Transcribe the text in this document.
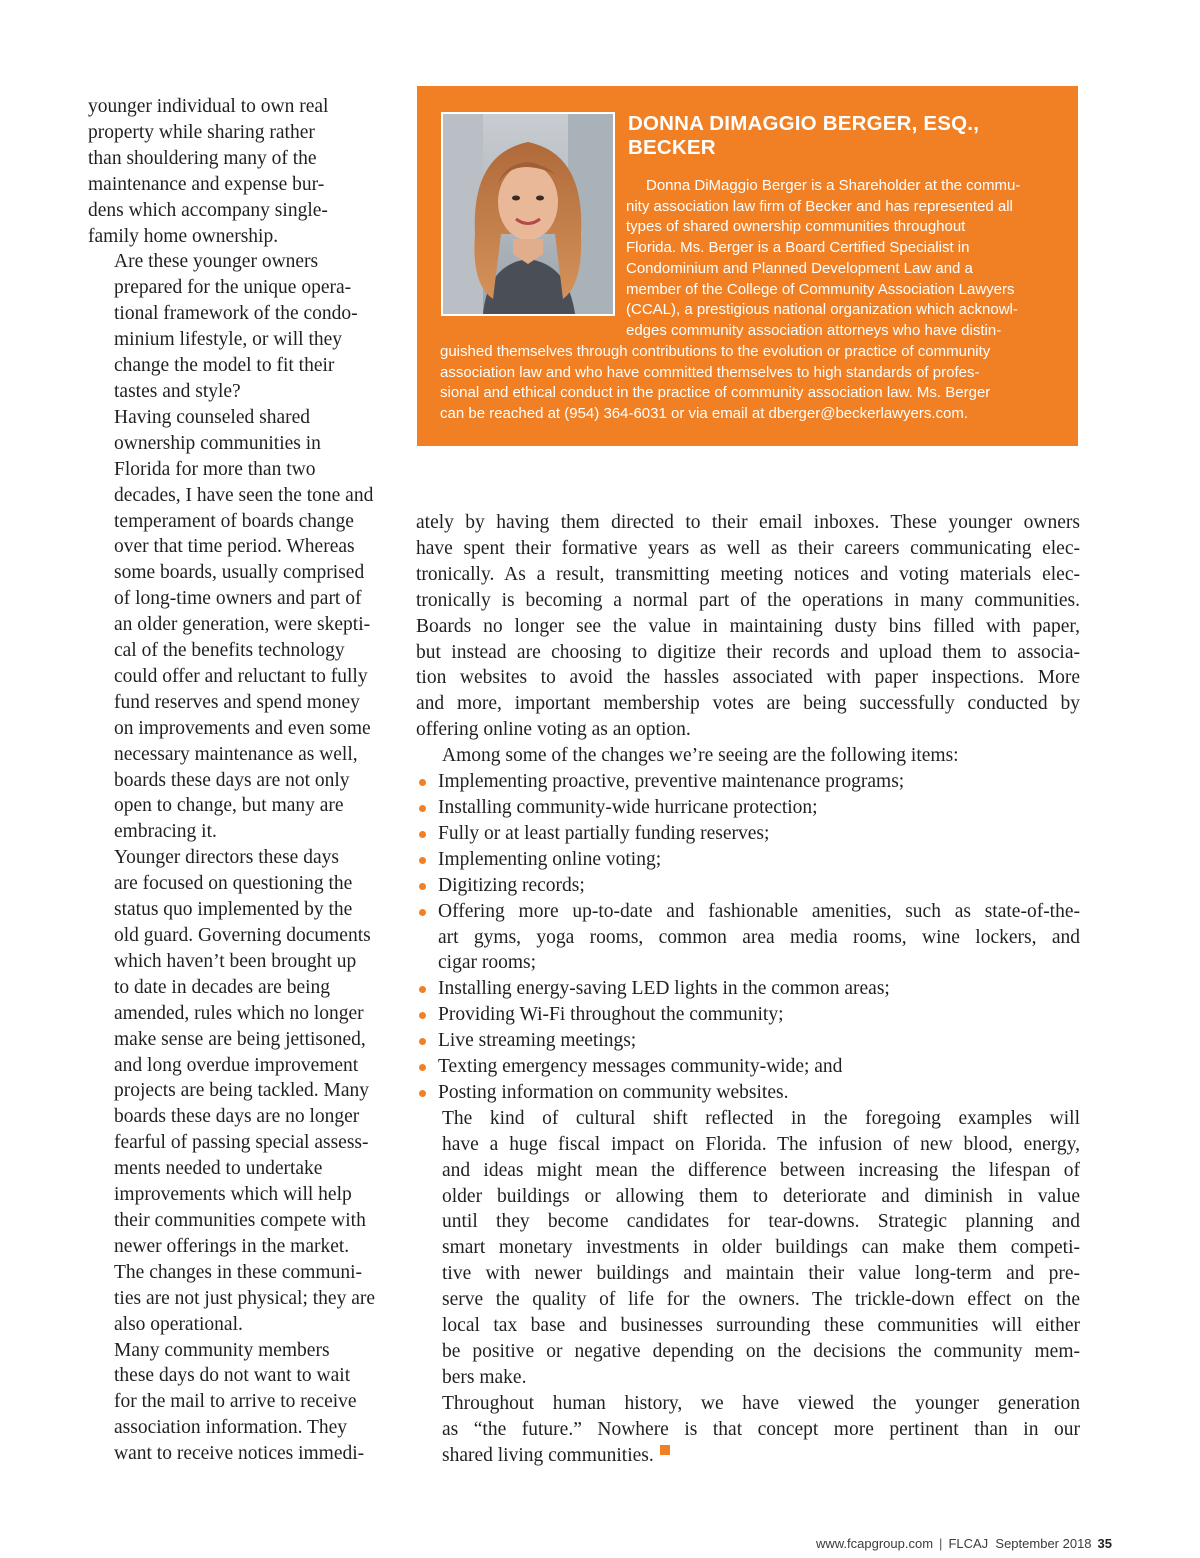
younger individual to own real
property while sharing rather
than shouldering many of the
maintenance and expense bur-
dens which accompany single-
family home ownership.

Are these younger owners
prepared for the unique opera-
tional framework of the condo-
minium lifestyle, or will they
change the model to fit their
tastes and style?

Having counseled shared
ownership communities in
Florida for more than two
decades, I have seen the tone and
temperament of boards change
over that time period. Whereas
some boards, usually comprised
of long-time owners and part of
an older generation, were skepti-
cal of the benefits technology
could offer and reluctant to fully
fund reserves and spend money
on improvements and even some
necessary maintenance as well,
boards these days are not only
open to change, but many are
embracing it.

Younger directors these days
are focused on questioning the
status quo implemented by the
old guard. Governing documents
which haven’t been brought up
to date in decades are being
amended, rules which no longer
make sense are being jettisoned,
and long overdue improvement
projects are being tackled. Many
boards these days are no longer
fearful of passing special assess-
ments needed to undertake
improvements which will help
their communities compete with
newer offerings in the market.
The changes in these communi-
ties are not just physical; they are
also operational.

Many community members
these days do not want to wait
for the mail to arrive to receive
association information. They
want to receive notices immedi-

DONNA DIMAGGIO BERGER, ESQ.,
BECKER
Donna DiMaggio Berger is a Shareholder at the commu-
nity association law firm of Becker and has represented all
types of shared ownership communities throughout
Florida. Ms. Berger is a Board Certified Specialist in
Condominium and Planned Development Law and a
member of the College of Community Association Lawyers
(CCAL), a prestigious national organization which acknowl-
edges community association attorneys who have distin-
guished themselves through contributions to the evolution or practice of community
association law and who have committed themselves to high standards of profes-
sional and ethical conduct in the practice of community association law. Ms. Berger
can be reached at (954) 364-6031 or via email at dberger@beckerlawyers.com.

ately by having them directed to their email inboxes. These younger owners
have spent their formative years as well as their careers communicating elec-
tronically. As a result, transmitting meeting notices and voting materials elec-
tronically is becoming a normal part of the operations in many communities.
Boards no longer see the value in maintaining dusty bins filled with paper,
but instead are choosing to digitize their records and upload them to associa-
tion websites to avoid the hassles associated with paper inspections. More
and more, important membership votes are being successfully conducted by
offering online voting as an option.

Among some of the changes we’re seeing are the following items:

Implementing proactive, preventive maintenance programs;
Installing community-wide hurricane protection;
Fully or at least partially funding reserves;
Implementing online voting;
Digitizing records;
Offering more up-to-date and fashionable amenities, such as state-of-the-
art gyms, yoga rooms, common area media rooms, wine lockers, and
cigar rooms;
Installing energy-saving LED lights in the common areas;
Providing Wi-Fi throughout the community;
Live streaming meetings;
Texting emergency messages community-wide; and
Posting information on community websites.

The kind of cultural shift reflected in the foregoing examples will
have a huge fiscal impact on Florida. The infusion of new blood, energy,
and ideas might mean the difference between increasing the lifespan of
older buildings or allowing them to deteriorate and diminish in value
until they become candidates for tear-downs. Strategic planning and
smart monetary investments in older buildings can make them competi-
tive with newer buildings and maintain their value long-term and pre-
serve the quality of life for the owners. The trickle-down effect on the
local tax base and businesses surrounding these communities will either
be positive or negative depending on the decisions the community mem-
bers make.

Throughout human history, we have viewed the younger generation
as “the future.” Nowhere is that concept more pertinent than in our
shared living communities.

www.fcapgroup.com | FLCAJ September 2018 35
